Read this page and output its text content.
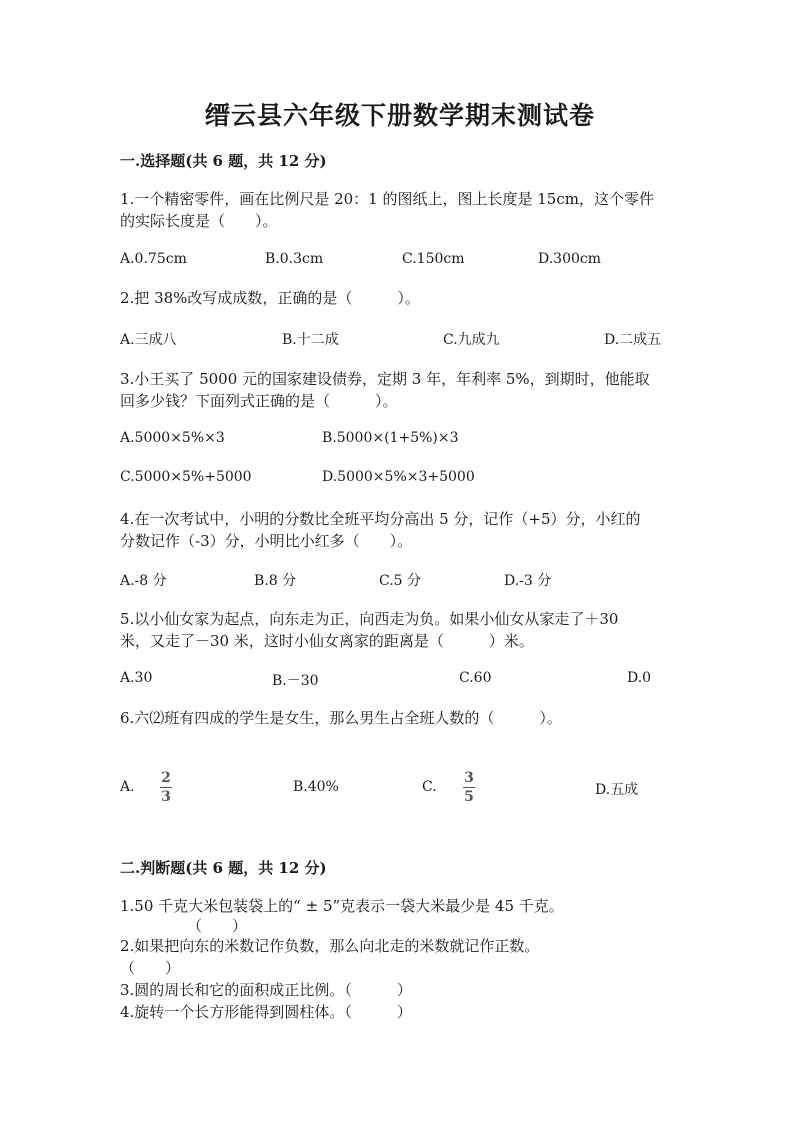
缙云县六年级下册数学期末测试卷
一.选择题(共 6 题，共 12 分)
1.一个精密零件，画在比例尺是 20：1 的图纸上，图上长度是 15cm，这个零件
的实际长度是（　　）。
A.0.75cm	B.0.3cm	C.150cm	D.300cm
2.把 38%改写成成数，正确的是（　　　）。
A.三成八	B.十二成	C.九成九	D.二成五
3.小王买了 5000 元的国家建设债券，定期 3 年，年利率 5%，到期时，他能取
回多少钱？下面列式正确的是（　　　）。
A.5000×5%×3	B.5000×(1+5%)×3
C.5000×5%+5000	D.5000×5%×3+5000
4.在一次考试中，小明的分数比全班平均分高出 5 分，记作（+5）分，小红的
分数记作（-3）分，小明比小红多（　　）。
A.-8 分	B.8 分	C.5 分	D.-3 分
5.以小仙女家为起点，向东走为正，向西走为负。如果小仙女从家走了＋30
米，又走了－30 米，这时小仙女离家的距离是（　　　）米。
A.30	B.－30	C.60	D.0
6.六⑵班有四成的学生是女生，那么男生占全班人数的（　　　）。
A.
2
3
B.40%	C.
3
5	D.五成
二.判断题(共 6 题，共 12 分)
1.50 千克大米包装袋上的“ ± 5”克表示一袋大米最少是 45 千克。
（　　）
2.如果把向东的米数记作负数，那么向北走的米数就记作正数。
（　　）
3.圆的周长和它的面积成正比例。（　　　）
4.旋转一个长方形能得到圆柱体。（　　　）
